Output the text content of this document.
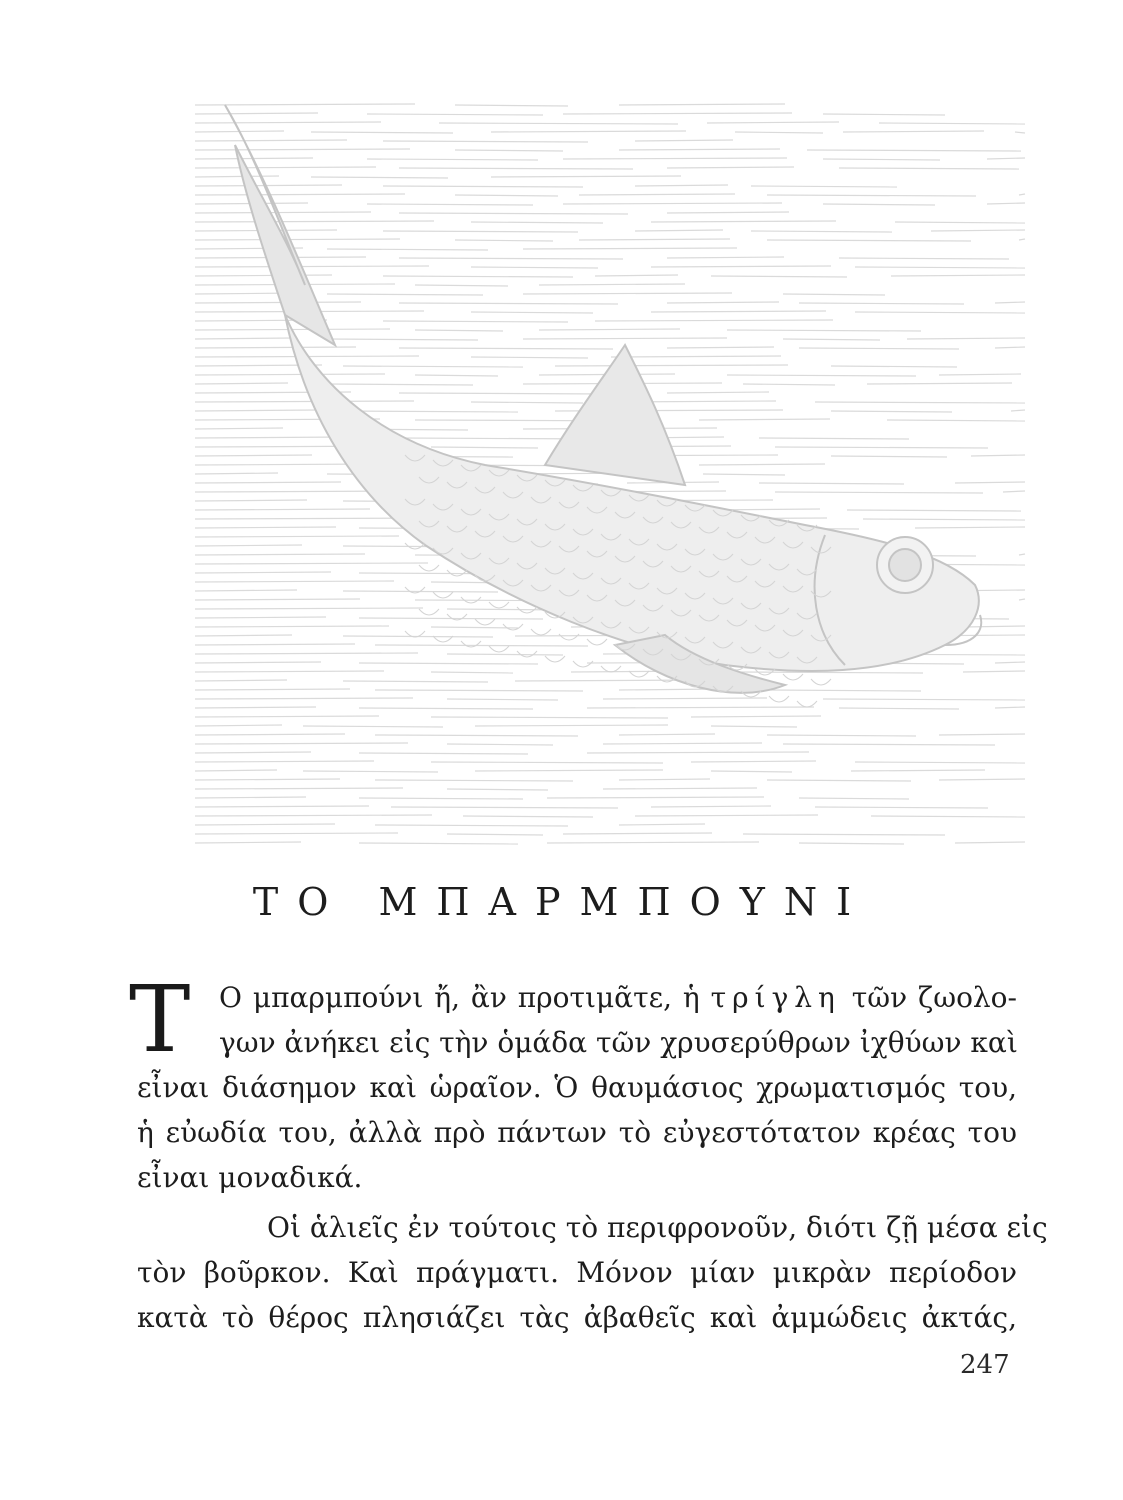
ΤΟ ΜΠΑΡΜΠΟΥΝΙ
Τ	Ο μπαρμπούνι ἤ, ἂν προτιμᾶτε, ἡ τρίγλη τῶν ζωολο-
γων ἀνήκει εἰς τὴν ὁμάδα τῶν χρυσερύθρων ἰχθύων καὶ
εἶναι διάσημον καὶ ὡραῖον. Ὁ θαυμάσιος χρωματισμός του,
ἡ εὐωδία του, ἀλλὰ πρὸ πάντων τὸ εὐγεστότατον κρέας του
εἶναι μοναδικά.
Οἱ ἁλιεῖς ἐν τούτοις τὸ περιφρονοῦν, διότι ζῇ μέσα εἰς
τὸν βοῦρκον. Καὶ πράγματι. Μόνον μίαν μικρὰν περίοδον
κατὰ τὸ θέρος πλησιάζει τὰς ἀβαθεῖς καὶ ἀμμώδεις ἀκτάς,
247
